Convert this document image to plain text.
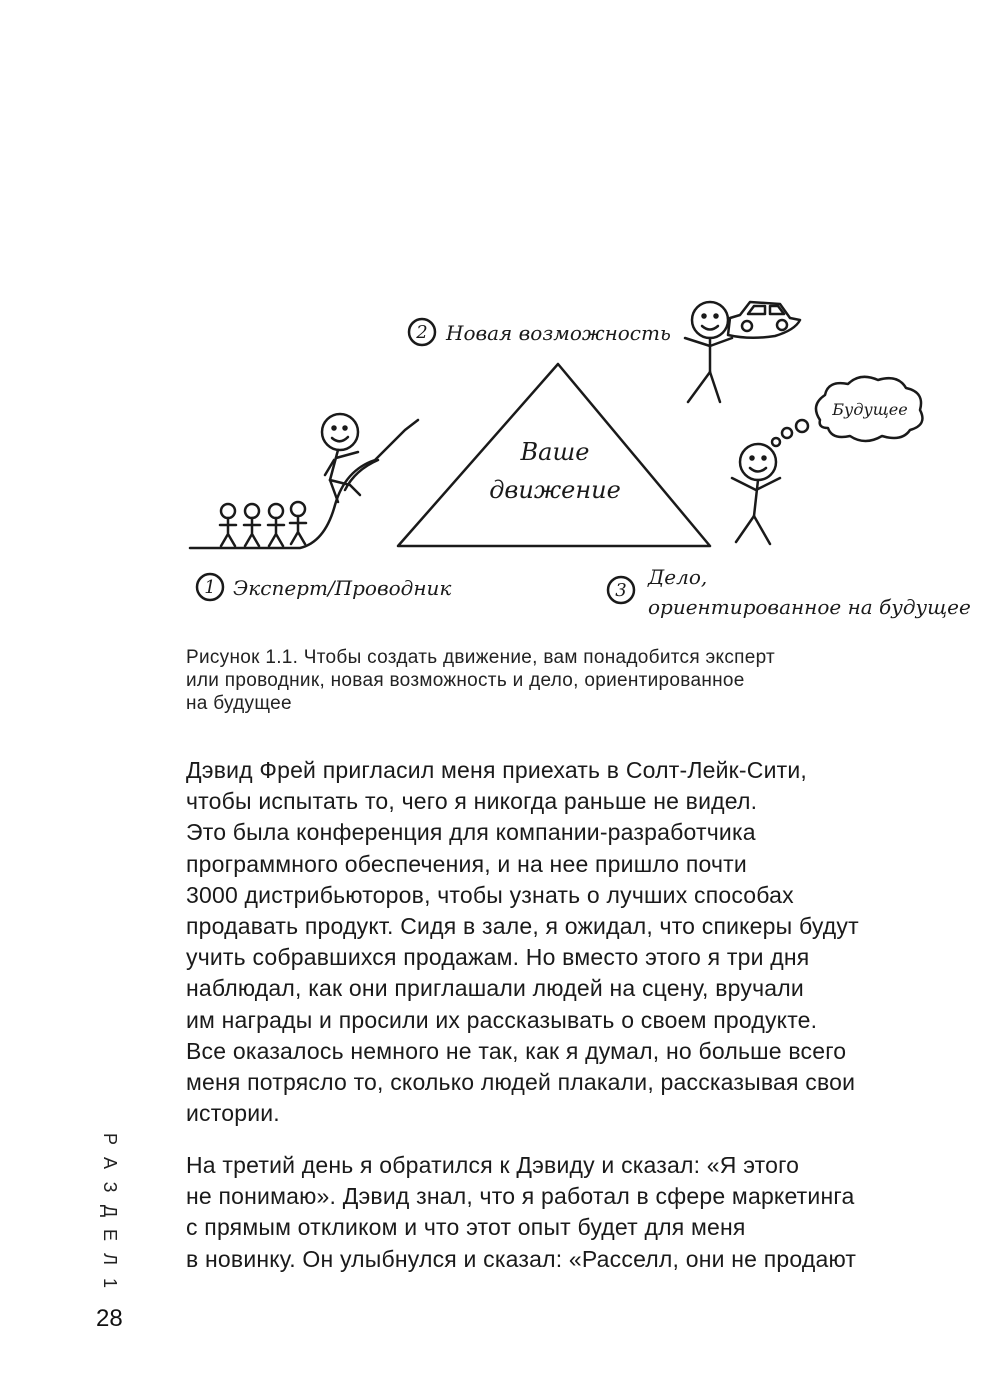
1 Эксперт/Проводник
2 Новая возможность
3
Дело,
ориентированное на будущее
Ваше
движение
Будущее
Рисунок 1.1. Чтобы создать движение, вам понадобится эксперт
или проводник, новая возможность и дело, ориентированное
на будущее
Дэвид Фрей пригласил меня приехать в Солт-Лейк-Сити,
чтобы испытать то, чего я никогда раньше не видел.
Это была конференция для компании-разработчика
программного обеспечения, и на нее пришло почти
3000 дистрибьюторов, чтобы узнать о лучших способах
продавать продукт. Сидя в зале, я ожидал, что спикеры будут
учить собравшихся продажам. Но вместо этого я три дня
наблюдал, как они приглашали людей на сцену, вручали
им награды и просили их рассказывать о своем продукте.
Все оказалось немного не так, как я думал, но больше всего
меня потрясло то, сколько людей плакали, рассказывая свои
истории.
На третий день я обратился к Дэвиду и сказал: «Я этого
не понимаю». Дэвид знал, что я работал в сфере маркетинга
с прямым откликом и что этот опыт будет для меня
в новинку. Он улыбнулся и сказал: «Расселл, они не продают
Р
А
З
Д
Е
Л
1
28
